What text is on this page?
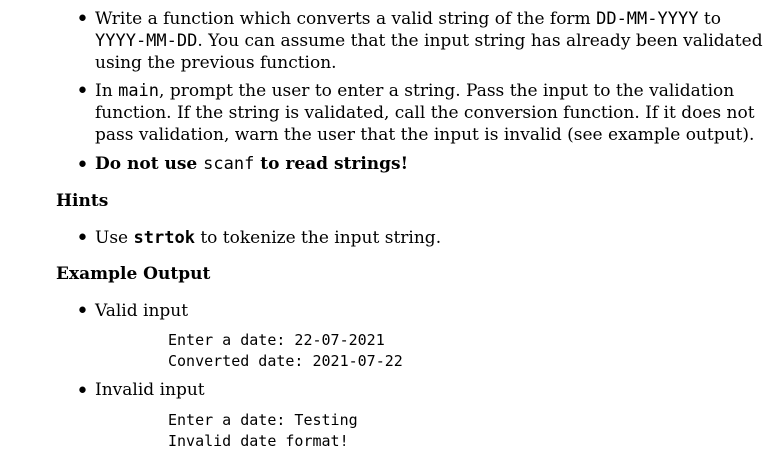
• Write a function which converts a valid string of the form DD-MM-YYYY to
YYYY-MM-DD. You can assume that the input string has already been validated
using the previous function.
• In main, prompt the user to enter a string. Pass the input to the validation
function. If the string is validated, call the conversion function. If it does not
pass validation, warn the user that the input is invalid (see example output).
• Do not use scanf to read strings!
Hints
• Use strtok to tokenize the input string.
Example Output
• Valid input
Enter a date: 22-07-2021
Converted date: 2021-07-22
• Invalid input
Enter a date: Testing
Invalid date format!
